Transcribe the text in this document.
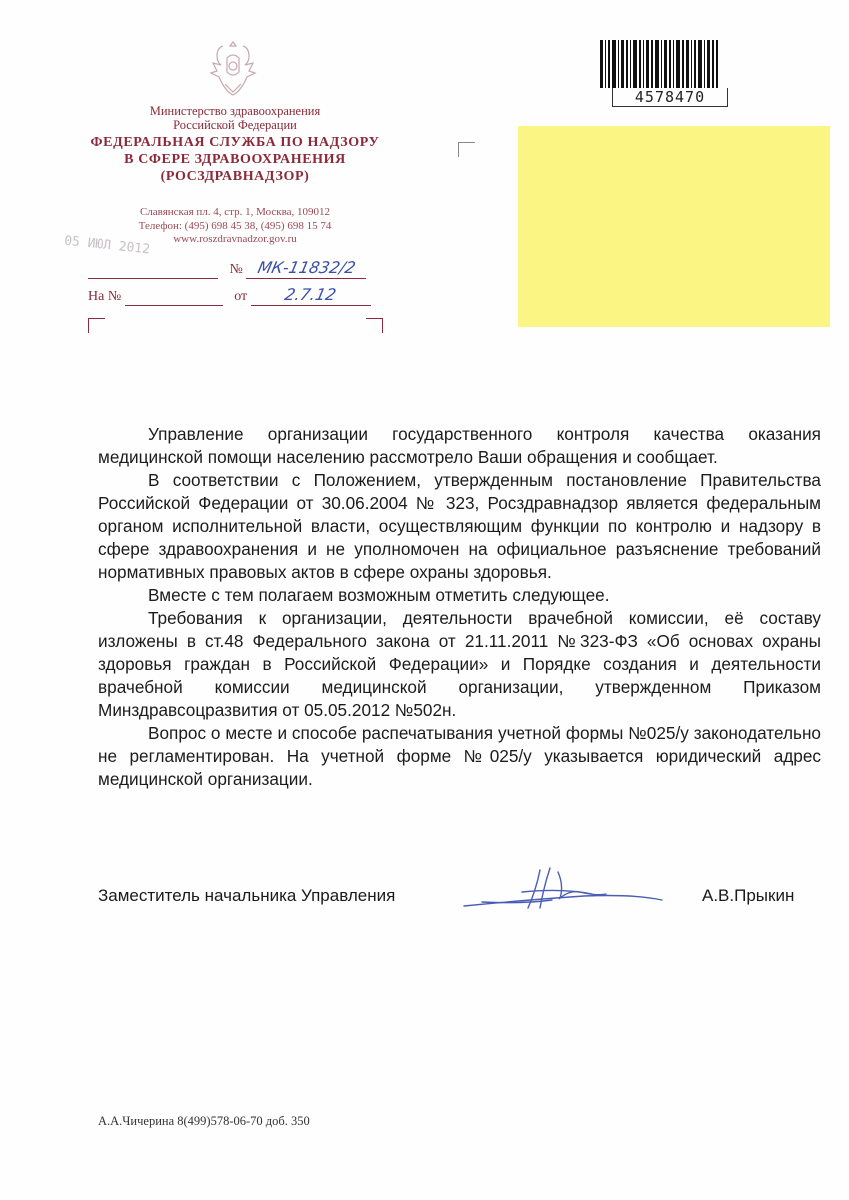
Министерство здравоохранения
Российской Федерации
ФЕДЕРАЛЬНАЯ СЛУЖБА ПО НАДЗОРУ
В СФЕРЕ ЗДРАВООХРАНЕНИЯ
(РОСЗДРАВНАДЗОР)
Славянская пл. 4, стр. 1, Москва, 109012
Телефон: (495) 698 45 38, (495) 698 15 74
www.roszdravnadzor.gov.ru
05 ИЮЛ 2012
№ МК-11832/2
На №	от 2.7.12
4578470

Управление организации государственного контроля качества оказания медицинской помощи населению рассмотрело Ваши обращения и сообщает.

В соответствии с Положением, утвержденным постановление Правительства Российской Федерации от 30.06.2004 № 323, Росздравнадзор является федеральным органом исполнительной власти, осуществляющим функции по контролю и надзору в сфере здравоохранения и не уполномочен на официальное разъяснение требований нормативных правовых актов в сфере охраны здоровья.

Вместе с тем полагаем возможным отметить следующее.

Требования к организации, деятельности врачебной комиссии, её составу изложены в ст.48 Федерального закона от 21.11.2011 №323-ФЗ «Об основах охраны здоровья граждан в Российской Федерации» и Порядке создания и деятельности врачебной комиссии медицинской организации, утвержденном Приказом Минздравсоцразвития от 05.05.2012 №502н.

Вопрос о месте и способе распечатывания учетной формы №025/у законодательно не регламентирован. На учетной форме №025/у указывается юридический адрес медицинской организации.

Заместитель начальника Управления	А.В.Прыкин
А.А.Чичерина 8(499)578-06-70 доб. 350
